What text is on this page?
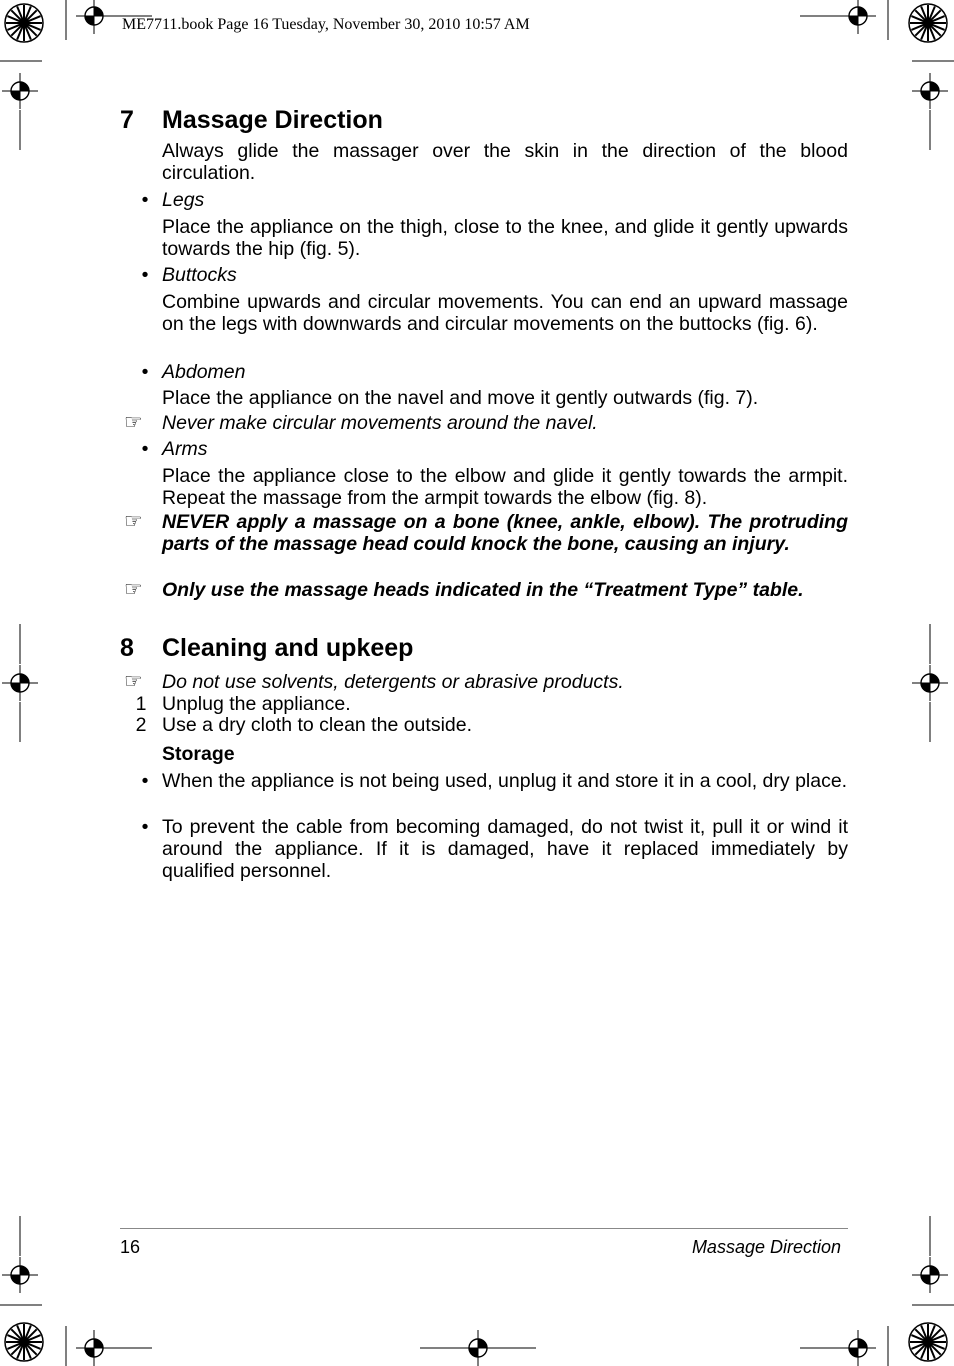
ME7711.book Page 16 Tuesday, November 30, 2010 10:57 AM
7 Massage Direction

Always glide the massager over the skin in the direction of the blood circulation.

• Legs

Place the appliance on the thigh, close to the knee, and glide it gently upwards towards the hip (fig. 5).

• Buttocks

Combine upwards and circular movements. You can end an upward massage on the legs with downwards and circular movements on the buttocks (fig. 6).

• Abdomen

Place the appliance on the navel and move it gently outwards (fig. 7).

☞ Never make circular movements around the navel.

• Arms

Place the appliance close to the elbow and glide it gently towards the armpit. Repeat the massage from the armpit towards the elbow (fig. 8).

☞ NEVER apply a massage on a bone (knee, ankle, elbow). The protruding parts of the massage head could knock the bone, causing an injury.

☞ Only use the massage heads indicated in the “Treatment Type” table.

8 Cleaning and upkeep
☞ Do not use solvents, detergents or abrasive products.

1 Unplug the appliance.

2 Use a dry cloth to clean the outside.

Storage

• When the appliance is not being used, unplug it and store it in a cool, dry place.

• To prevent the cable from becoming damaged, do not twist it, pull it or wind it around the appliance. If it is damaged, have it replaced immediately by qualified personnel.

16	Massage Direction
